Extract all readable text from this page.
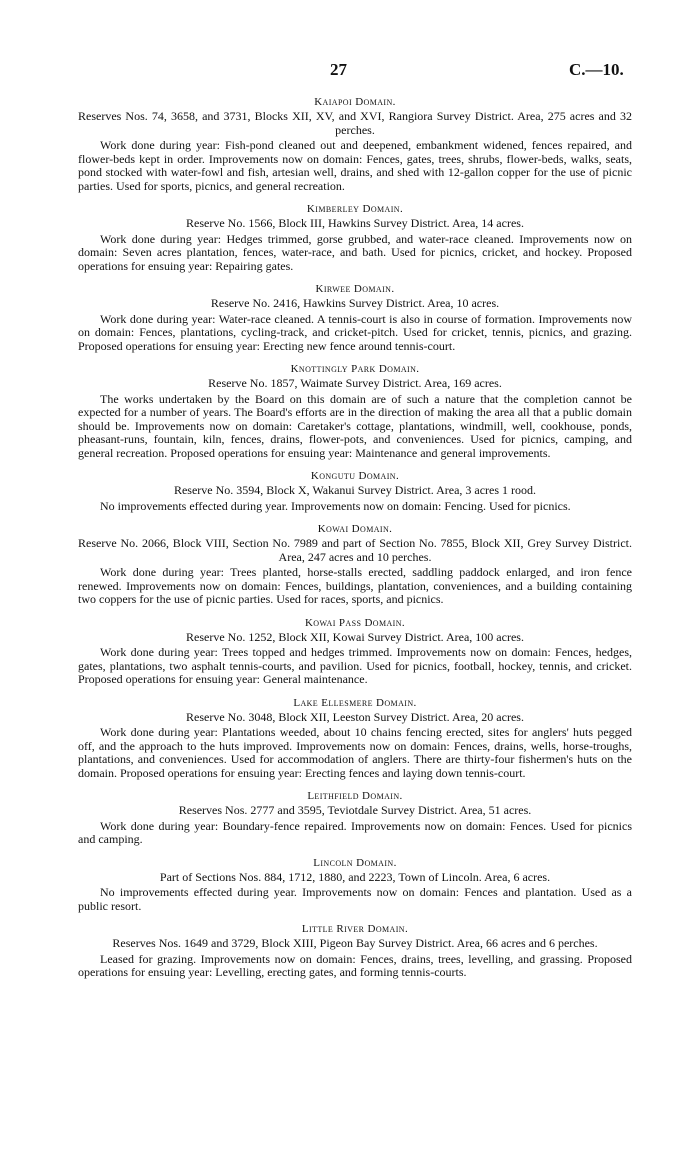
27	C.—10.
Kaiapoi Domain.

Reserves Nos. 74, 3658, and 3731, Blocks XII, XV, and XVI, Rangiora Survey District. Area, 275 acres and 32 perches.

Work done during year: Fish-pond cleaned out and deepened, embankment widened, fences repaired, and flower-beds kept in order. Improvements now on domain: Fences, gates, trees, shrubs, flower-beds, walks, seats, pond stocked with water-fowl and fish, artesian well, drains, and shed with 12-gallon copper for the use of picnic parties. Used for sports, picnics, and general recreation.

Kimberley Domain.

Reserve No. 1566, Block III, Hawkins Survey District. Area, 14 acres.

Work done during year: Hedges trimmed, gorse grubbed, and water-race cleaned. Improvements now on domain: Seven acres plantation, fences, water-race, and bath. Used for picnics, cricket, and hockey. Proposed operations for ensuing year: Repairing gates.

Kirwee Domain.

Reserve No. 2416, Hawkins Survey District. Area, 10 acres.

Work done during year: Water-race cleaned. A tennis-court is also in course of formation. Improvements now on domain: Fences, plantations, cycling-track, and cricket-pitch. Used for cricket, tennis, picnics, and grazing. Proposed operations for ensuing year: Erecting new fence around tennis-court.

Knottingly Park Domain.

Reserve No. 1857, Waimate Survey District. Area, 169 acres.

The works undertaken by the Board on this domain are of such a nature that the completion cannot be expected for a number of years. The Board's efforts are in the direction of making the area all that a public domain should be. Improvements now on domain: Caretaker's cottage, plantations, windmill, well, cookhouse, ponds, pheasant-runs, fountain, kiln, fences, drains, flower-pots, and conveniences. Used for picnics, camping, and general recreation. Proposed operations for ensuing year: Maintenance and general improvements.

Kongutu Domain.

Reserve No. 3594, Block X, Wakanui Survey District. Area, 3 acres 1 rood.

No improvements effected during year. Improvements now on domain: Fencing. Used for picnics.

Kowai Domain.

Reserve No. 2066, Block VIII, Section No. 7989 and part of Section No. 7855, Block XII, Grey Survey District. Area, 247 acres and 10 perches.

Work done during year: Trees planted, horse-stalls erected, saddling paddock enlarged, and iron fence renewed. Improvements now on domain: Fences, buildings, plantation, conveniences, and a building containing two coppers for the use of picnic parties. Used for races, sports, and picnics.

Kowai Pass Domain.

Reserve No. 1252, Block XII, Kowai Survey District. Area, 100 acres.

Work done during year: Trees topped and hedges trimmed. Improvements now on domain: Fences, hedges, gates, plantations, two asphalt tennis-courts, and pavilion. Used for picnics, football, hockey, tennis, and cricket. Proposed operations for ensuing year: General maintenance.

Lake Ellesmere Domain.

Reserve No. 3048, Block XII, Leeston Survey District. Area, 20 acres.

Work done during year: Plantations weeded, about 10 chains fencing erected, sites for anglers' huts pegged off, and the approach to the huts improved. Improvements now on domain: Fences, drains, wells, horse-troughs, plantations, and conveniences. Used for accommodation of anglers. There are thirty-four fishermen's huts on the domain. Proposed operations for ensuing year: Erecting fences and laying down tennis-court.

Leithfield Domain.

Reserves Nos. 2777 and 3595, Teviotdale Survey District. Area, 51 acres.

Work done during year: Boundary-fence repaired. Improvements now on domain: Fences. Used for picnics and camping.

Lincoln Domain.

Part of Sections Nos. 884, 1712, 1880, and 2223, Town of Lincoln. Area, 6 acres.

No improvements effected during year. Improvements now on domain: Fences and plantation. Used as a public resort.

Little River Domain.

Reserves Nos. 1649 and 3729, Block XIII, Pigeon Bay Survey District. Area, 66 acres and 6 perches.

Leased for grazing. Improvements now on domain: Fences, drains, trees, levelling, and grassing. Proposed operations for ensuing year: Levelling, erecting gates, and forming tennis-courts.
